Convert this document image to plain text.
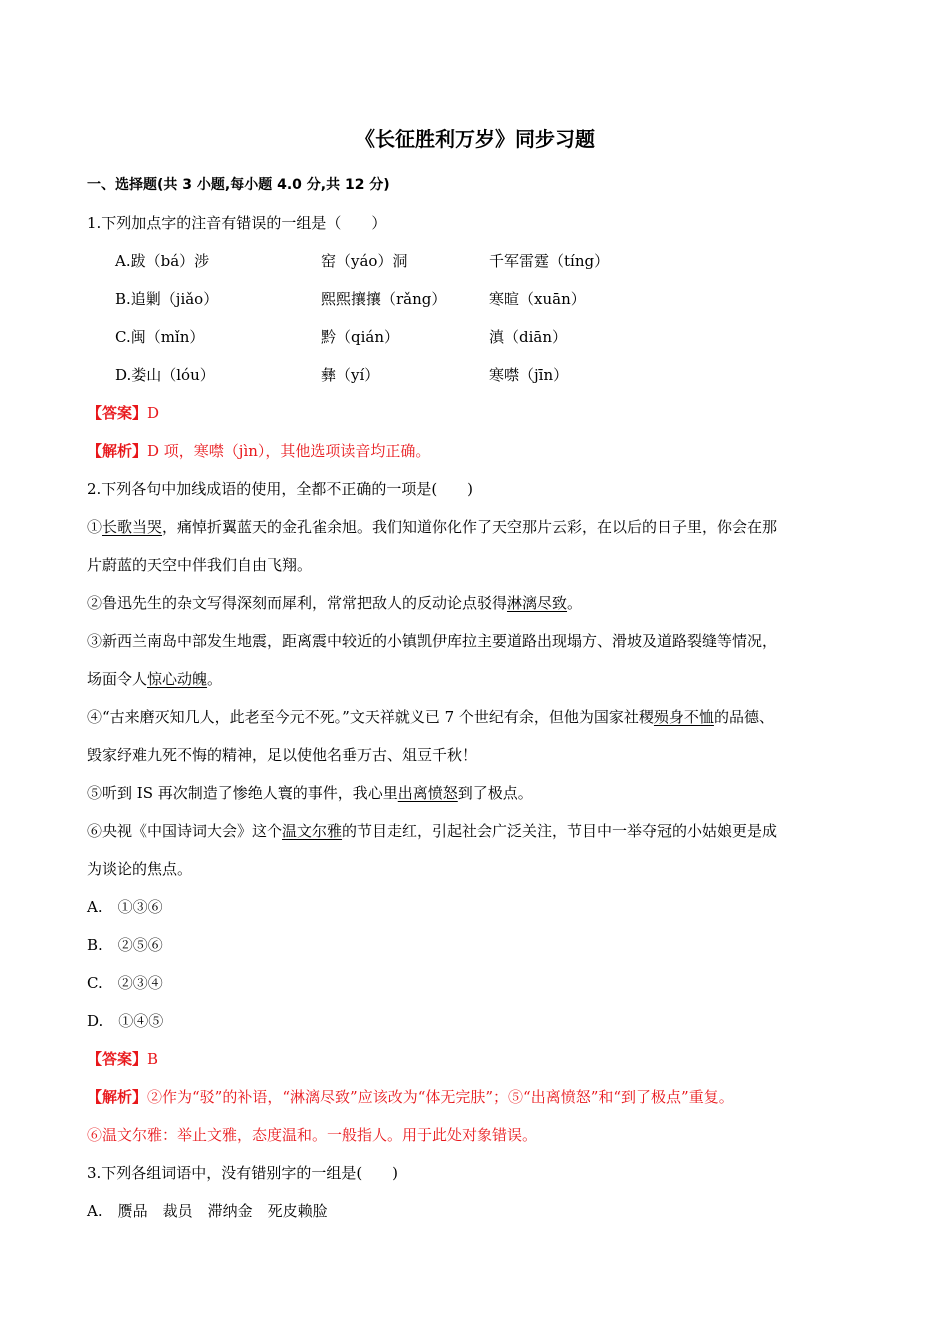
《长征胜利万岁》同步习题
一、选择题(共 3 小题,每小题 4.0 分,共 12 分)
1.下列加点字的注音有错误的一组是（　　）
A.跋（bá）涉	窑（yáo）洞	千军雷霆（tíng）
B.追剿（jiǎo）	熙熙攘攘（rǎng）	寒暄（xuān）
C.闽（mǐn）	黔（qián）	滇（diān）
D.娄山（lóu）	彝（yí）	寒噤（jīn）
【答案】D
【解析】D 项，寒噤（jìn），其他选项读音均正确。
2.下列各句中加线成语的使用，全都不正确的一项是(　　)
①长歌当哭，痛悼折翼蓝天的金孔雀余旭。我们知道你化作了天空那片云彩，在以后的日子里，你会在那
片蔚蓝的天空中伴我们自由飞翔。
②鲁迅先生的杂文写得深刻而犀利，常常把敌人的反动论点驳得淋漓尽致。
③新西兰南岛中部发生地震，距离震中较近的小镇凯伊库拉主要道路出现塌方、滑坡及道路裂缝等情况，
场面令人惊心动魄。
④“古来磨灭知几人，此老至今元不死。”文天祥就义已 7 个世纪有余，但他为国家社稷殒身不恤的品德、
毁家纾难九死不悔的精神，足以使他名垂万古、俎豆千秋！
⑤听到 IS 再次制造了惨绝人寰的事件，我心里出离愤怒到了极点。
⑥央视《中国诗词大会》这个温文尔雅的节目走红，引起社会广泛关注，节目中一举夺冠的小姑娘更是成
为谈论的焦点。
A.　①③⑥
B.　②⑤⑥
C.　②③④
D.　①④⑤
【答案】B
【解析】②作为“驳”的补语，“淋漓尽致”应该改为“体无完肤”；⑤“出离愤怒”和“到了极点”重复。
⑥温文尔雅：举止文雅，态度温和。一般指人。用于此处对象错误。
3.下列各组词语中，没有错别字的一组是(　　)
A.　赝品　裁员　滞纳金　死皮赖脸
